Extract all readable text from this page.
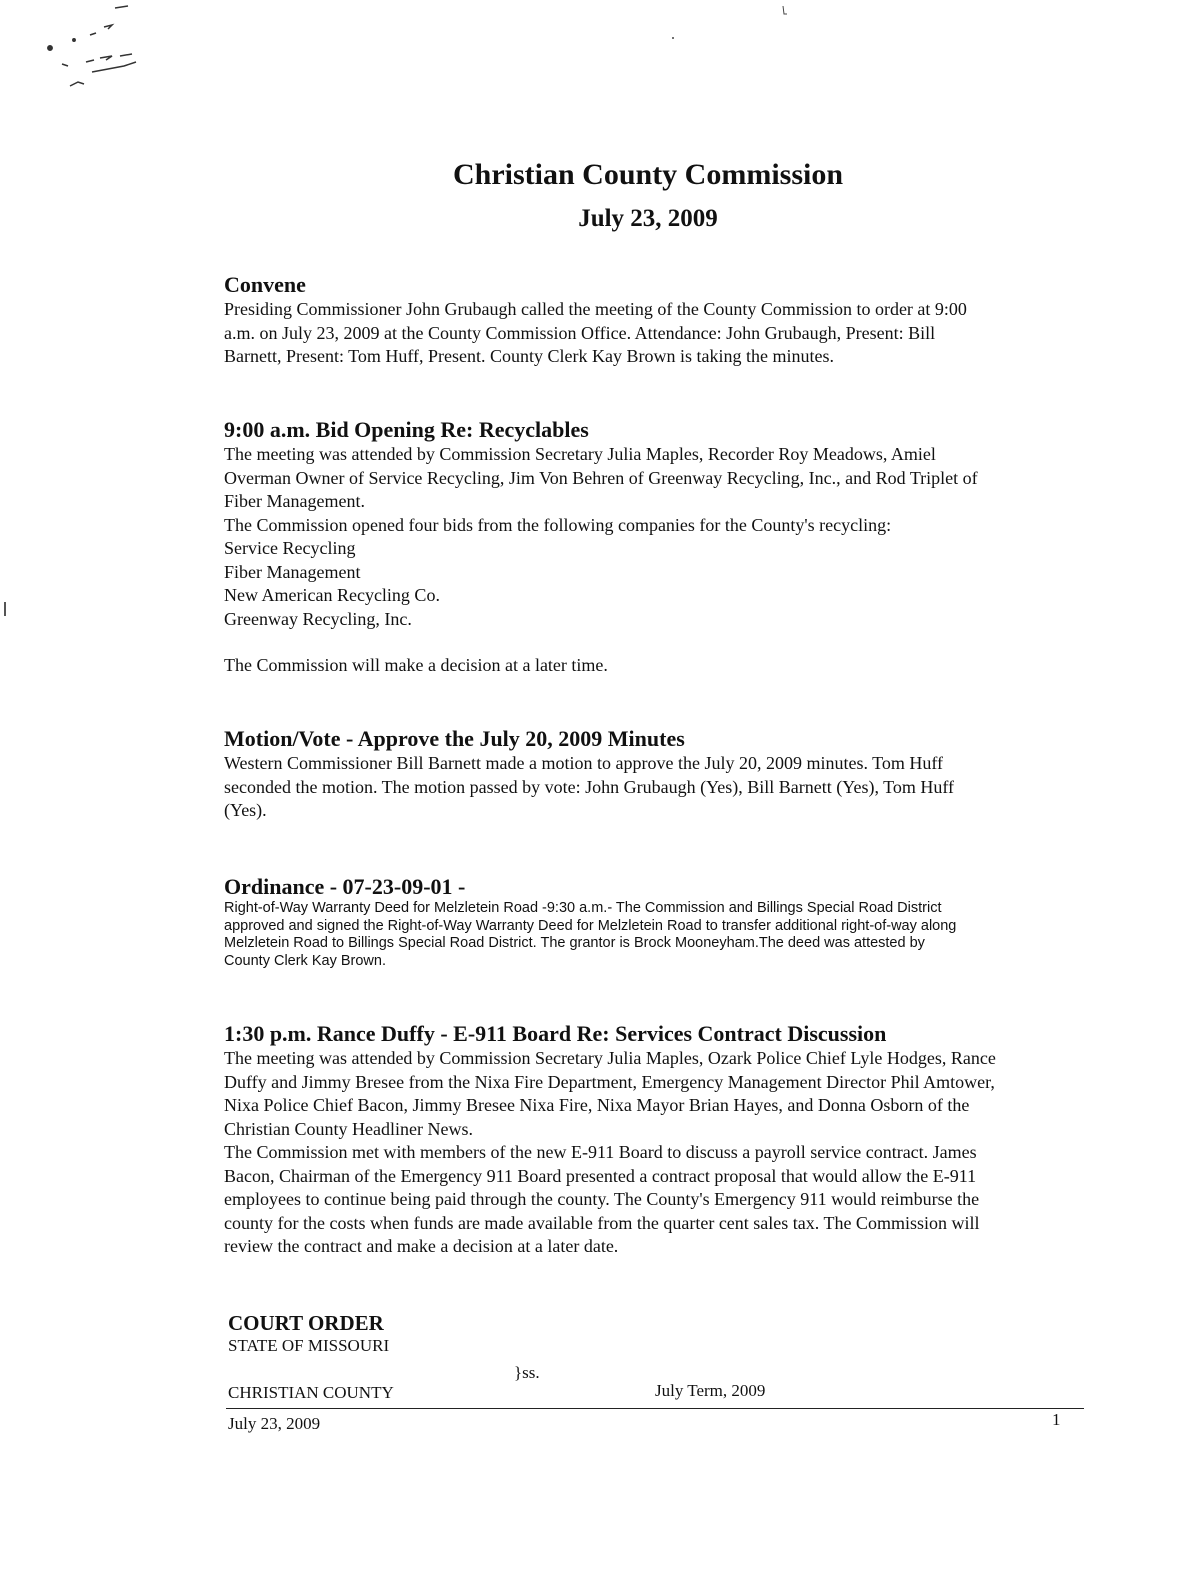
Christian County Commission
July 23, 2009
Convene
Presiding Commissioner John Grubaugh called the meeting of the County Commission to order at 9:00
a.m. on July 23, 2009 at the County Commission Office. Attendance: John Grubaugh, Present: Bill
Barnett, Present: Tom Huff, Present. County Clerk Kay Brown is taking the minutes.
9:00 a.m. Bid Opening Re: Recyclables
The meeting was attended by Commission Secretary Julia Maples, Recorder Roy Meadows, Amiel
Overman Owner of Service Recycling, Jim Von Behren of Greenway Recycling, Inc., and Rod Triplet of
Fiber Management.
The Commission opened four bids from the following companies for the County's recycling:
Service Recycling
Fiber Management
New American Recycling Co.
Greenway Recycling, Inc.
The Commission will make a decision at a later time.
Motion/Vote - Approve the July 20, 2009 Minutes
Western Commissioner Bill Barnett made a motion to approve the July 20, 2009 minutes. Tom Huff
seconded the motion. The motion passed by vote: John Grubaugh (Yes), Bill Barnett (Yes), Tom Huff
(Yes).
Ordinance - 07-23-09-01 -
Right-of-Way Warranty Deed for Melzletein Road -9:30 a.m.- The Commission and Billings Special Road District
approved and signed the Right-of-Way Warranty Deed for Melzletein Road to transfer additional right-of-way along
Melzletein Road to Billings Special Road District. The grantor is Brock Mooneyham.The deed was attested by
County Clerk Kay Brown.
1:30 p.m. Rance Duffy - E-911 Board Re: Services Contract Discussion
The meeting was attended by Commission Secretary Julia Maples, Ozark Police Chief Lyle Hodges, Rance
Duffy and Jimmy Bresee from the Nixa Fire Department, Emergency Management Director Phil Amtower,
Nixa Police Chief Bacon, Jimmy Bresee Nixa Fire, Nixa Mayor Brian Hayes, and Donna Osborn of the
Christian County Headliner News.
The Commission met with members of the new E-911 Board to discuss a payroll service contract. James
Bacon, Chairman of the Emergency 911 Board presented a contract proposal that would allow the E-911
employees to continue being paid through the county. The County's Emergency 911 would reimburse the
county for the costs when funds are made available from the quarter cent sales tax. The Commission will
review the contract and make a decision at a later date.
COURT ORDER
STATE OF MISSOURI
}ss.
CHRISTIAN COUNTY	July Term, 2009
July 23, 2009	1
